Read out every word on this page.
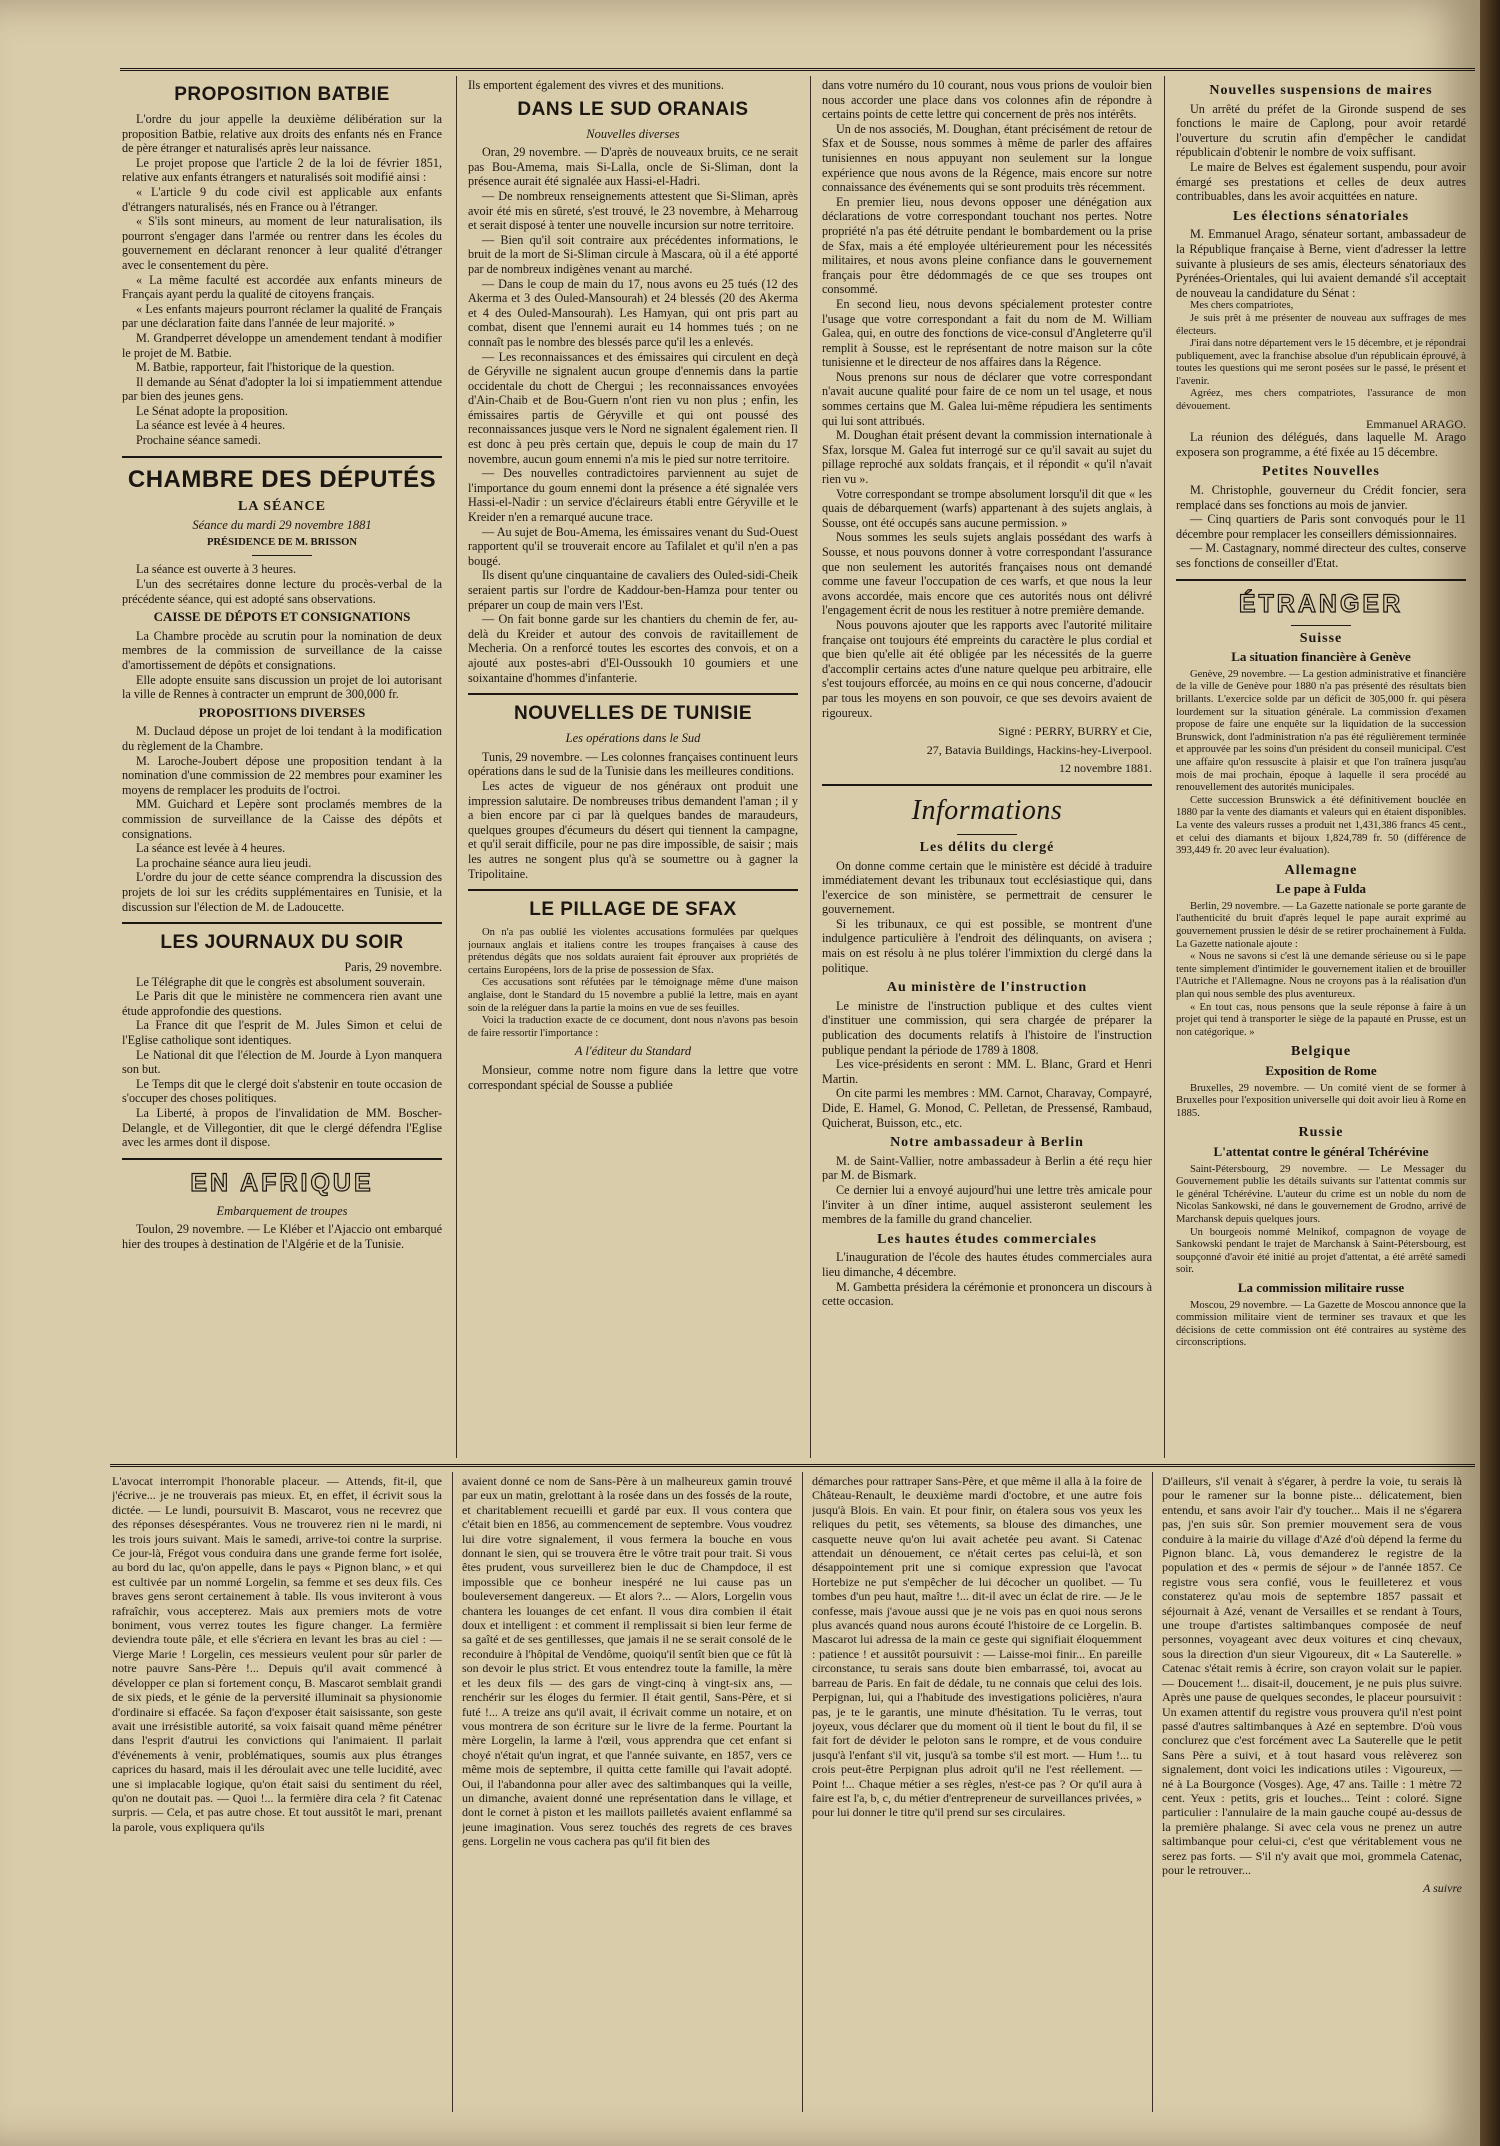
PROPOSITION BATBIE

L'ordre du jour appelle la deuxième délibération sur la proposition Batbie, relative aux droits des enfants nés en France de père étranger et naturalisés après leur naissance.

Le projet propose que l'article 2 de la loi de février 1851, relative aux enfants étrangers et naturalisés soit modifié ainsi :

« L'article 9 du code civil est applicable aux enfants d'étrangers naturalisés, nés en France ou à l'étranger.

« S'ils sont mineurs, au moment de leur naturalisation, ils pourront s'engager dans l'armée ou rentrer dans les écoles du gouvernement en déclarant renoncer à leur qualité d'étranger avec le consentement du père.

« La même faculté est accordée aux enfants mineurs de Français ayant perdu la qualité de citoyens français.

« Les enfants majeurs pourront réclamer la qualité de Français par une déclaration faite dans l'année de leur majorité. »

M. Grandperret développe un amendement tendant à modifier le projet de M. Batbie.

M. Batbie, rapporteur, fait l'historique de la question.

Il demande au Sénat d'adopter la loi si impatiemment attendue par bien des jeunes gens.

Le Sénat adopte la proposition.

La séance est levée à 4 heures.

Prochaine séance samedi.

CHAMBRE DES DÉPUTÉS
LA SÉANCE
Séance du mardi 29 novembre 1881
PRÉSIDENCE DE M. BRISSON

La séance est ouverte à 3 heures.

L'un des secrétaires donne lecture du procès-verbal de la précédente séance, qui est adopté sans observations.

CAISSE DE DÉPOTS ET CONSIGNATIONS

La Chambre procède au scrutin pour la nomination de deux membres de la commission de surveillance de la caisse d'amortissement de dépôts et consignations.

Elle adopte ensuite sans discussion un projet de loi autorisant la ville de Rennes à contracter un emprunt de 300,000 fr.

PROPOSITIONS DIVERSES

M. Duclaud dépose un projet de loi tendant à la modification du règlement de la Chambre.

M. Laroche-Joubert dépose une proposition tendant à la nomination d'une commission de 22 membres pour examiner les moyens de remplacer les produits de l'octroi.

MM. Guichard et Lepère sont proclamés membres de la commission de surveillance de la Caisse des dépôts et consignations.

La séance est levée à 4 heures.

La prochaine séance aura lieu jeudi.

L'ordre du jour de cette séance comprendra la discussion des projets de loi sur les crédits supplémentaires en Tunisie, et la discussion sur l'élection de M. de Ladoucette.

LES JOURNAUX DU SOIR
Paris, 29 novembre.

Le Télégraphe dit que le congrès est absolument souverain.

Le Paris dit que le ministère ne commencera rien avant une étude approfondie des questions.

La France dit que l'esprit de M. Jules Simon et celui de l'Eglise catholique sont identiques.

Le National dit que l'élection de M. Jourde à Lyon manquera son but.

Le Temps dit que le clergé doit s'abstenir en toute occasion de s'occuper des choses politiques.

La Liberté, à propos de l'invalidation de MM. Boscher-Delangle, et de Villegontier, dit que le clergé défendra l'Eglise avec les armes dont il dispose.

EN AFRIQUE
Embarquement de troupes

Toulon, 29 novembre. — Le Kléber et l'Ajaccio ont embarqué hier des troupes à destination de l'Algérie et de la Tunisie.

Ils emportent également des vivres et des munitions.

DANS LE SUD ORANAIS
Nouvelles diverses

Oran, 29 novembre. — D'après de nouveaux bruits, ce ne serait pas Bou-Amema, mais Si-Lalla, oncle de Si-Sliman, dont la présence aurait été signalée aux Hassi-el-Hadri.

— De nombreux renseignements attestent que Si-Sliman, après avoir été mis en sûreté, s'est trouvé, le 23 novembre, à Meharroug et serait disposé à tenter une nouvelle incursion sur notre territoire.

— Bien qu'il soit contraire aux précédentes informations, le bruit de la mort de Si-Sliman circule à Mascara, où il a été apporté par de nombreux indigènes venant au marché.

— Dans le coup de main du 17, nous avons eu 25 tués (12 des Akerma et 3 des Ouled-Mansourah) et 24 blessés (20 des Akerma et 4 des Ouled-Mansourah). Les Hamyan, qui ont pris part au combat, disent que l'ennemi aurait eu 14 hommes tués ; on ne connaît pas le nombre des blessés parce qu'il les a enlevés.

— Les reconnaissances et des émissaires qui circulent en deçà de Géryville ne signalent aucun groupe d'ennemis dans la partie occidentale du chott de Chergui ; les reconnaissances envoyées d'Ain-Chaib et de Bou-Guern n'ont rien vu non plus ; enfin, les émissaires partis de Géryville et qui ont poussé des reconnaissances jusque vers le Nord ne signalent également rien. Il est donc à peu près certain que, depuis le coup de main du 17 novembre, aucun goum ennemi n'a mis le pied sur notre territoire.

— Des nouvelles contradictoires parviennent au sujet de l'importance du goum ennemi dont la présence a été signalée vers Hassi-el-Nadir : un service d'éclaireurs établi entre Géryville et le Kreider n'en a remarqué aucune trace.

— Au sujet de Bou-Amema, les émissaires venant du Sud-Ouest rapportent qu'il se trouverait encore au Tafilalet et qu'il n'en a pas bougé.

Ils disent qu'une cinquantaine de cavaliers des Ouled-sidi-Cheik seraient partis sur l'ordre de Kaddour-ben-Hamza pour tenter ou préparer un coup de main vers l'Est.

— On fait bonne garde sur les chantiers du chemin de fer, au-delà du Kreider et autour des convois de ravitaillement de Mecheria. On a renforcé toutes les escortes des convois, et on a ajouté aux postes-abri d'El-Oussoukh 10 goumiers et une soixantaine d'hommes d'infanterie.

NOUVELLES DE TUNISIE
Les opérations dans le Sud

Tunis, 29 novembre. — Les colonnes françaises continuent leurs opérations dans le sud de la Tunisie dans les meilleures conditions.

Les actes de vigueur de nos généraux ont produit une impression salutaire. De nombreuses tribus demandent l'aman ; il y a bien encore par ci par là quelques bandes de maraudeurs, quelques groupes d'écumeurs du désert qui tiennent la campagne, et qu'il serait difficile, pour ne pas dire impossible, de saisir ; mais les autres ne songent plus qu'à se soumettre ou à gagner la Tripolitaine.

LE PILLAGE DE SFAX

On n'a pas oublié les violentes accusations formulées par quelques journaux anglais et italiens contre les troupes françaises à cause des prétendus dégâts que nos soldats auraient fait éprouver aux propriétés de certains Européens, lors de la prise de possession de Sfax.

Ces accusations sont réfutées par le témoignage même d'une maison anglaise, dont le Standard du 15 novembre a publié la lettre, mais en ayant soin de la reléguer dans la partie la moins en vue de ses feuilles.

Voici la traduction exacte de ce document, dont nous n'avons pas besoin de faire ressortir l'importance :

A l'éditeur du Standard

Monsieur, comme notre nom figure dans la lettre que votre correspondant spécial de Sousse a publiée

dans votre numéro du 10 courant, nous vous prions de vouloir bien nous accorder une place dans vos colonnes afin de répondre à certains points de cette lettre qui concernent de près nos intérêts.

Un de nos associés, M. Doughan, étant précisément de retour de Sfax et de Sousse, nous sommes à même de parler des affaires tunisiennes en nous appuyant non seulement sur la longue expérience que nous avons de la Régence, mais encore sur notre connaissance des événements qui se sont produits très récemment.

En premier lieu, nous devons opposer une dénégation aux déclarations de votre correspondant touchant nos pertes. Notre propriété n'a pas été détruite pendant le bombardement ou la prise de Sfax, mais a été employée ultérieurement pour les nécessités militaires, et nous avons pleine confiance dans le gouvernement français pour être dédommagés de ce que ses troupes ont consommé.

En second lieu, nous devons spécialement protester contre l'usage que votre correspondant a fait du nom de M. William Galea, qui, en outre des fonctions de vice-consul d'Angleterre qu'il remplit à Sousse, est le représentant de notre maison sur la côte tunisienne et le directeur de nos affaires dans la Régence.

Nous prenons sur nous de déclarer que votre correspondant n'avait aucune qualité pour faire de ce nom un tel usage, et nous sommes certains que M. Galea lui-même répudiera les sentiments qui lui sont attribués.

M. Doughan était présent devant la commission internationale à Sfax, lorsque M. Galea fut interrogé sur ce qu'il savait au sujet du pillage reproché aux soldats français, et il répondit « qu'il n'avait rien vu ».

Votre correspondant se trompe absolument lorsqu'il dit que « les quais de débarquement (warfs) appartenant à des sujets anglais, à Sousse, ont été occupés sans aucune permission. »

Nous sommes les seuls sujets anglais possédant des warfs à Sousse, et nous pouvons donner à votre correspondant l'assurance que non seulement les autorités françaises nous ont demandé comme une faveur l'occupation de ces warfs, et que nous la leur avons accordée, mais encore que ces autorités nous ont délivré l'engagement écrit de nous les restituer à notre première demande.

Nous pouvons ajouter que les rapports avec l'autorité militaire française ont toujours été empreints du caractère le plus cordial et que bien qu'elle ait été obligée par les nécessités de la guerre d'accomplir certains actes d'une nature quelque peu arbitraire, elle s'est toujours efforcée, au moins en ce qui nous concerne, d'adoucir par tous les moyens en son pouvoir, ce que ses devoirs avaient de rigoureux.

Signé : PERRY, BURRY et Cie,
27, Batavia Buildings, Hackins-hey-Liverpool.
12 novembre 1881.
Informations
Les délits du clergé

On donne comme certain que le ministère est décidé à traduire immédiatement devant les tribunaux tout ecclésiastique qui, dans l'exercice de son ministère, se permettrait de censurer le gouvernement.

Si les tribunaux, ce qui est possible, se montrent d'une indulgence particulière à l'endroit des délinquants, on avisera ; mais on est résolu à ne plus tolérer l'immixtion du clergé dans la politique.

Au ministère de l'instruction

Le ministre de l'instruction publique et des cultes vient d'instituer une commission, qui sera chargée de préparer la publication des documents relatifs à l'histoire de l'instruction publique pendant la période de 1789 à 1808.

Les vice-présidents en seront : MM. L. Blanc, Grard et Henri Martin.

On cite parmi les membres : MM. Carnot, Charavay, Compayré, Dide, E. Hamel, G. Monod, C. Pelletan, de Pressensé, Rambaud, Quicherat, Buisson, etc., etc.

Notre ambassadeur à Berlin

M. de Saint-Vallier, notre ambassadeur à Berlin a été reçu hier par M. de Bismark.

Ce dernier lui a envoyé aujourd'hui une lettre très amicale pour l'inviter à un dîner intime, auquel assisteront seulement les membres de la famille du grand chancelier.

Les hautes études commerciales

L'inauguration de l'école des hautes études commerciales aura lieu dimanche, 4 décembre.

M. Gambetta présidera la cérémonie et prononcera un discours à cette occasion.

Nouvelles suspensions de maires

Un arrêté du préfet de la Gironde suspend de ses fonctions le maire de Caplong, pour avoir retardé l'ouverture du scrutin afin d'empêcher le candidat républicain d'obtenir le nombre de voix suffisant.

Le maire de Belves est également suspendu, pour avoir émargé ses prestations et celles de deux autres contribuables, dans les avoir acquittées en nature.

Les élections sénatoriales

M. Emmanuel Arago, sénateur sortant, ambassadeur de la République française à Berne, vient d'adresser la lettre suivante à plusieurs de ses amis, électeurs sénatoriaux des Pyrénées-Orientales, qui lui avaient demandé s'il acceptait de nouveau la candidature du Sénat :

Mes chers compatriotes,

Je suis prêt à me présenter de nouveau aux suffrages de mes électeurs.

J'irai dans notre département vers le 15 décembre, et je répondrai publiquement, avec la franchise absolue d'un républicain éprouvé, à toutes les questions qui me seront posées sur le passé, le présent et l'avenir.

Agréez, mes chers compatriotes, l'assurance de mon dévouement.

Emmanuel ARAGO.

La réunion des délégués, dans laquelle M. Arago exposera son programme, a été fixée au 15 décembre.

Petites Nouvelles

M. Christophle, gouverneur du Crédit foncier, sera remplacé dans ses fonctions au mois de janvier.

— Cinq quartiers de Paris sont convoqués pour le 11 décembre pour remplacer les conseillers démissionnaires.

— M. Castagnary, nommé directeur des cultes, conserve ses fonctions de conseiller d'Etat.

ÉTRANGER
Suisse
La situation financière à Genève

Genève, 29 novembre. — La gestion administrative et financière de la ville de Genève pour 1880 n'a pas présenté des résultats bien brillants. L'exercice solde par un déficit de 305,000 fr. qui pèsera lourdement sur la situation générale. La commission d'examen propose de faire une enquête sur la liquidation de la succession Brunswick, dont l'administration n'a pas été régulièrement terminée et approuvée par les soins d'un président du conseil municipal. C'est une affaire qu'on ressuscite à plaisir et que l'on traînera jusqu'au mois de mai prochain, époque à laquelle il sera procédé au renouvellement des autorités municipales.

Cette succession Brunswick a été définitivement bouclée en 1880 par la vente des diamants et valeurs qui en étaient disponibles. La vente des valeurs russes a produit net 1,431,386 francs 45 cent., et celui des diamants et bijoux 1,824,789 fr. 50 (différence de 393,449 fr. 20 avec leur évaluation).

Allemagne
Le pape à Fulda

Berlin, 29 novembre. — La Gazette nationale se porte garante de l'authenticité du bruit d'après lequel le pape aurait exprimé au gouvernement prussien le désir de se retirer prochainement à Fulda. La Gazette nationale ajoute :

« Nous ne savons si c'est là une demande sérieuse ou si le pape tente simplement d'intimider le gouvernement italien et de brouiller l'Autriche et l'Allemagne. Nous ne croyons pas à la réalisation d'un plan qui nous semble des plus aventureux.

« En tout cas, nous pensons que la seule réponse à faire à un projet qui tend à transporter le siège de la papauté en Prusse, est un non catégorique. »

Belgique
Exposition de Rome

Bruxelles, 29 novembre. — Un comité vient de se former à Bruxelles pour l'exposition universelle qui doit avoir lieu à Rome en 1885.

Russie
L'attentat contre le général Tchérévine

Saint-Pétersbourg, 29 novembre. — Le Messager du Gouvernement publie les détails suivants sur l'attentat commis sur le général Tchérévine. L'auteur du crime est un noble du nom de Nicolas Sankowski, né dans le gouvernement de Grodno, arrivé de Marchansk depuis quelques jours.

Un bourgeois nommé Melnikof, compagnon de voyage de Sankowski pendant le trajet de Marchansk à Saint-Pétersbourg, est soupçonné d'avoir été initié au projet d'attentat, a été arrêté samedi soir.

La commission militaire russe

Moscou, 29 novembre. — La Gazette de Moscou annonce que la commission militaire vient de terminer ses travaux et que les décisions de cette commission ont été contraires au système des circonscriptions.

L'avocat interrompit l'honorable placeur. — Attends, fit-il, que j'écrive... je ne trouverais pas mieux. Et, en effet, il écrivit sous la dictée. — Le lundi, poursuivit B. Mascarot, vous ne recevrez que des réponses désespérantes. Vous ne trouverez rien ni le mardi, ni les trois jours suivant. Mais le samedi, arrive-toi contre la surprise. Ce jour-là, Frégot vous conduira dans une grande ferme fort isolée, au bord du lac, qu'on appelle, dans le pays « Pignon blanc, » et qui est cultivée par un nommé Lorgelin, sa femme et ses deux fils. Ces braves gens seront certainement à table. Ils vous inviteront à vous rafraîchir, vous accepterez. Mais aux premiers mots de votre boniment, vous verrez toutes les figure changer. La fermière deviendra toute pâle, et elle s'écriera en levant les bras au ciel : — Vierge Marie ! Lorgelin, ces messieurs veulent pour sûr parler de notre pauvre Sans-Père !... Depuis qu'il avait commencé à développer ce plan si fortement conçu, B. Mascarot semblait grandi de six pieds, et le génie de la perversité illuminait sa physionomie d'ordinaire si effacée. Sa façon d'exposer était saisissante, son geste avait une irrésistible autorité, sa voix faisait quand même pénétrer dans l'esprit d'autrui les convictions qui l'animaient. Il parlait d'événements à venir, problématiques, soumis aux plus étranges caprices du hasard, mais il les déroulait avec une telle lucidité, avec une si implacable logique, qu'on était saisi du sentiment du réel, qu'on ne doutait pas. — Quoi !... la fermière dira cela ? fit Catenac surpris. — Cela, et pas autre chose. Et tout aussitôt le mari, prenant la parole, vous expliquera qu'ils

avaient donné ce nom de Sans-Père à un malheureux gamin trouvé par eux un matin, grelottant à la rosée dans un des fossés de la route, et charitablement recueilli et gardé par eux. Il vous contera que c'était bien en 1856, au commencement de septembre. Vous voudrez lui dire votre signalement, il vous fermera la bouche en vous donnant le sien, qui se trouvera être le vôtre trait pour trait. Si vous êtes prudent, vous surveillerez bien le duc de Champdoce, il est impossible que ce bonheur inespéré ne lui cause pas un bouleversement dangereux. — Et alors ?... — Alors, Lorgelin vous chantera les louanges de cet enfant. Il vous dira combien il était doux et intelligent : et comment il remplissait si bien leur ferme de sa gaîté et de ses gentillesses, que jamais il ne se serait consolé de le reconduire à l'hôpital de Vendôme, quoiqu'il sentît bien que ce fût là son devoir le plus strict. Et vous entendrez toute la famille, la mère et les deux fils — des gars de vingt-cinq à vingt-six ans, — renchérir sur les éloges du fermier. Il était gentil, Sans-Père, et si futé !... A treize ans qu'il avait, il écrivait comme un notaire, et on vous montrera de son écriture sur le livre de la ferme. Pourtant la mère Lorgelin, la larme à l'œil, vous apprendra que cet enfant si choyé n'était qu'un ingrat, et que l'année suivante, en 1857, vers ce même mois de septembre, il quitta cette famille qui l'avait adopté. Oui, il l'abandonna pour aller avec des saltimbanques qui la veille, un dimanche, avaient donné une représentation dans le village, et dont le cornet à piston et les maillots pailletés avaient enflammé sa jeune imagination. Vous serez touchés des regrets de ces braves gens. Lorgelin ne vous cachera pas qu'il fit bien des

démarches pour rattraper Sans-Père, et que même il alla à la foire de Château-Renault, le deuxième mardi d'octobre, et une autre fois jusqu'à Blois. En vain. Et pour finir, on étalera sous vos yeux les reliques du petit, ses vêtements, sa blouse des dimanches, une casquette neuve qu'on lui avait achetée peu avant. Si Catenac attendait un dénouement, ce n'était certes pas celui-là, et son désappointement prit une si comique expression que l'avocat Hortebize ne put s'empêcher de lui décocher un quolibet. — Tu tombes d'un peu haut, maître !... dit-il avec un éclat de rire. — Je le confesse, mais j'avoue aussi que je ne vois pas en quoi nous serons plus avancés quand nous aurons écouté l'histoire de ce Lorgelin. B. Mascarot lui adressa de la main ce geste qui signifiait éloquemment : patience ! et aussitôt poursuivit : — Laisse-moi finir... En pareille circonstance, tu serais sans doute bien embarrassé, toi, avocat au barreau de Paris. En fait de dédale, tu ne connais que celui des lois. Perpignan, lui, qui a l'habitude des investigations policières, n'aura pas, je te le garantis, une minute d'hésitation. Tu le verras, tout joyeux, vous déclarer que du moment où il tient le bout du fil, il se fait fort de dévider le peloton sans le rompre, et de vous conduire jusqu'à l'enfant s'il vit, jusqu'à sa tombe s'il est mort. — Hum !... tu crois peut-être Perpignan plus adroit qu'il ne l'est réellement. — Point !... Chaque métier a ses règles, n'est-ce pas ? Or qu'il aura à faire est l'a, b, c, du métier d'entrepreneur de surveillances privées, » pour lui donner le titre qu'il prend sur ses circulaires.

D'ailleurs, s'il venait à s'égarer, à perdre la voie, tu serais là pour le ramener sur la bonne piste... délicatement, bien entendu, et sans avoir l'air d'y toucher... Mais il ne s'égarera pas, j'en suis sûr. Son premier mouvement sera de vous conduire à la mairie du village d'Azé d'où dépend la ferme du Pignon blanc. Là, vous demanderez le registre de la population et des « permis de séjour » de l'année 1857. Ce registre vous sera confié, vous le feuilleterez et vous constaterez qu'au mois de septembre 1857 passait et séjournait à Azé, venant de Versailles et se rendant à Tours, une troupe d'artistes saltimbanques composée de neuf personnes, voyageant avec deux voitures et cinq chevaux, sous la direction d'un sieur Vigoureux, dit « La Sauterelle. » Catenac s'était remis à écrire, son crayon volait sur le papier. — Doucement !... disait-il, doucement, je ne puis plus suivre. Après une pause de quelques secondes, le placeur poursuivit : Un examen attentif du registre vous prouvera qu'il n'est point passé d'autres saltimbanques à Azé en septembre. D'où vous conclurez que c'est forcément avec La Sauterelle que le petit Sans Père a suivi, et à tout hasard vous relèverez son signalement, dont voici les indications utiles : Vigoureux, — né à La Bourgonce (Vosges). Age, 47 ans. Taille : 1 mètre 72 cent. Yeux : petits, gris et louches... Teint : coloré. Signe particulier : l'annulaire de la main gauche coupé au-dessus de la première phalange. Si avec cela vous ne prenez un autre saltimbanque pour celui-ci, c'est que véritablement vous ne serez pas forts. — S'il n'y avait que moi, grommela Catenac, pour le retrouver...

A suivre
